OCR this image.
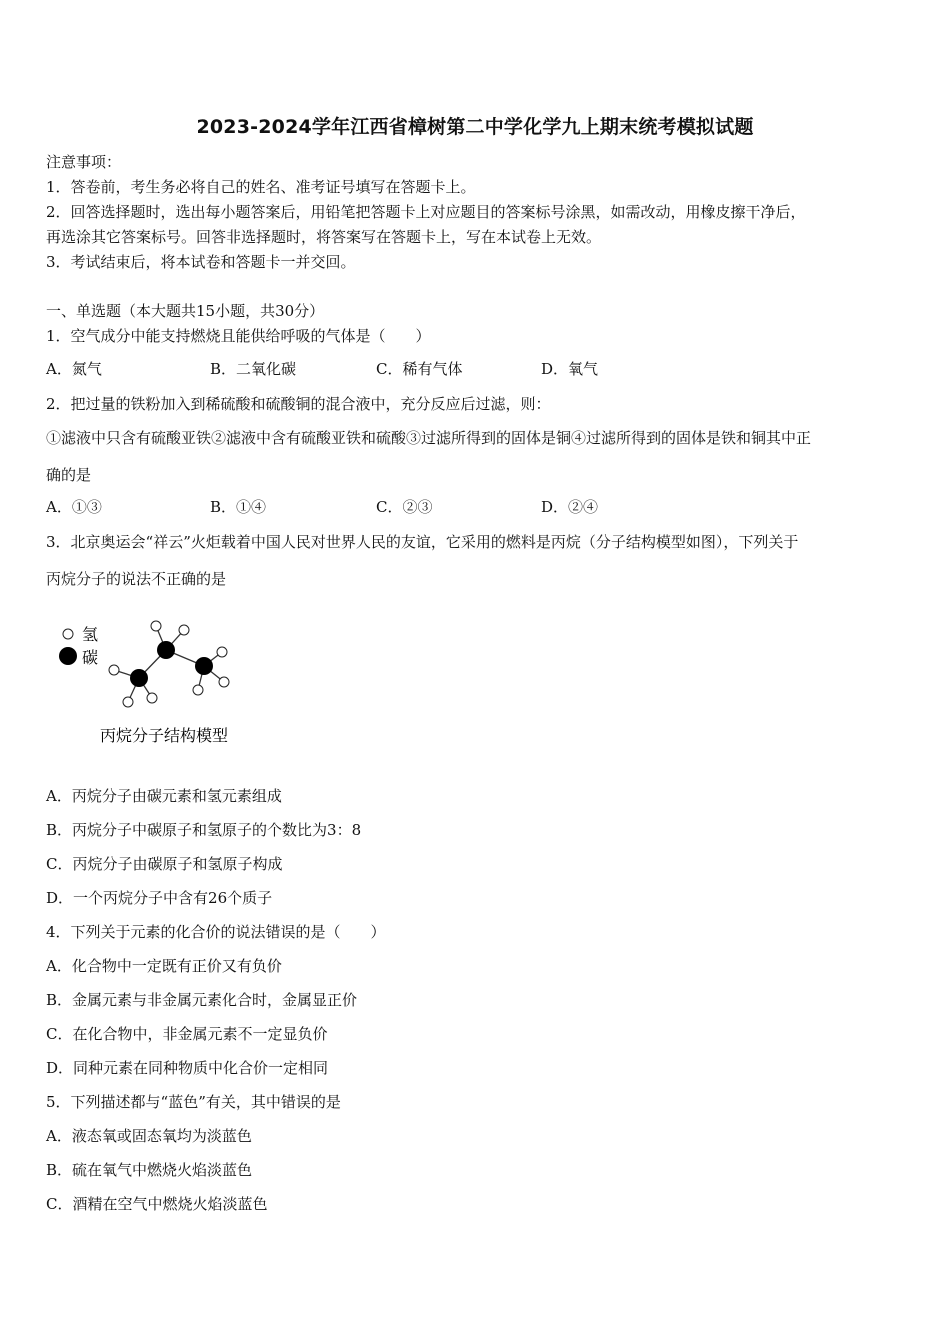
2023-2024学年江西省樟树第二中学化学九上期末统考模拟试题
注意事项：
1．答卷前，考生务必将自己的姓名、准考证号填写在答题卡上。
2．回答选择题时，选出每小题答案后，用铅笔把答题卡上对应题目的答案标号涂黑，如需改动，用橡皮擦干净后，
再选涂其它答案标号。回答非选择题时，将答案写在答题卡上，写在本试卷上无效。
3．考试结束后，将本试卷和答题卡一并交回。
一、单选题（本大题共15小题，共30分）
1．空气成分中能支持燃烧且能供给呼吸的气体是（　　）
A．氮气	B．二氧化碳	C．稀有气体	D．氧气
2．把过量的铁粉加入到稀硫酸和硫酸铜的混合液中，充分反应后过滤，则：
①滤液中只含有硫酸亚铁②滤液中含有硫酸亚铁和硫酸③过滤所得到的固体是铜④过滤所得到的固体是铁和铜其中正
确的是
A．①③	B．①④	C．②③	D．②④
3．北京奥运会“祥云”火炬载着中国人民对世界人民的友谊，它采用的燃料是丙烷（分子结构模型如图），下列关于
丙烷分子的说法不正确的是
氢
碳
丙烷分子结构模型
A．丙烷分子由碳元素和氢元素组成
B．丙烷分子中碳原子和氢原子的个数比为3：8
C．丙烷分子由碳原子和氢原子构成
D．一个丙烷分子中含有26个质子
4．下列关于元素的化合价的说法错误的是（　　）
A．化合物中一定既有正价又有负价
B．金属元素与非金属元素化合时，金属显正价
C．在化合物中，非金属元素不一定显负价
D．同种元素在同种物质中化合价一定相同
5．下列描述都与“蓝色”有关，其中错误的是
A．液态氧或固态氧均为淡蓝色
B．硫在氧气中燃烧火焰淡蓝色
C．酒精在空气中燃烧火焰淡蓝色
